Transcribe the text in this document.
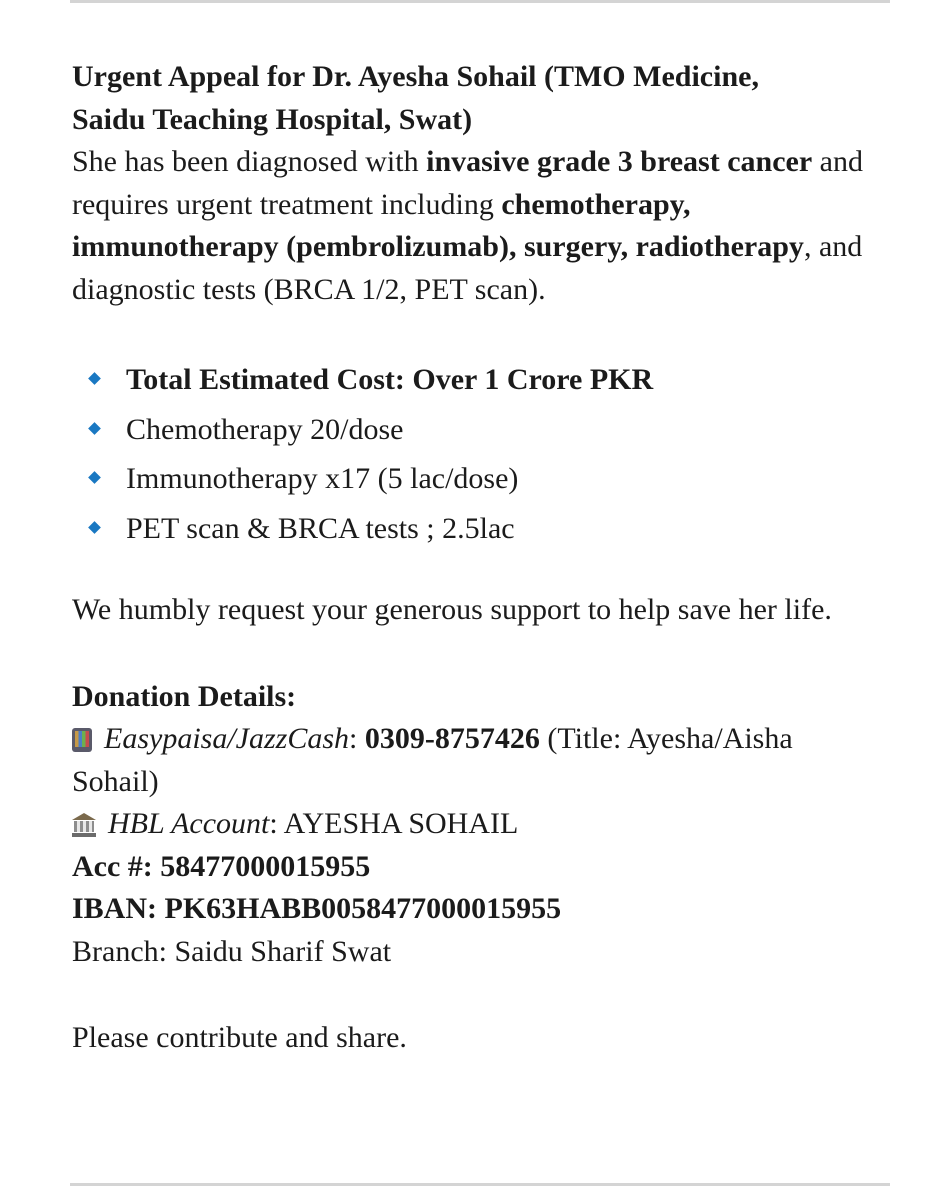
Urgent Appeal for Dr. Ayesha Sohail (TMO Medicine,
Saidu Teaching Hospital, Swat)

She has been diagnosed with invasive grade 3 breast cancer and requires urgent treatment including chemotherapy, immunotherapy (pembrolizumab), surgery, radiotherapy, and diagnostic tests (BRCA 1/2, PET scan).

Total Estimated Cost: Over 1 Crore PKR
Chemotherapy 20/dose
Immunotherapy x17 (5 lac/dose)
PET scan & BRCA tests ; 2.5lac

We humbly request your generous support to help save her life.

Donation Details:
Easypaisa/JazzCash: 0309-8757426 (Title: Ayesha/Aisha Sohail)

HBL Account: AYESHA SOHAIL
Acc #: 58477000015955
IBAN: PK63HABB0058477000015955
Branch: Saidu Sharif Swat

Please contribute and share.
